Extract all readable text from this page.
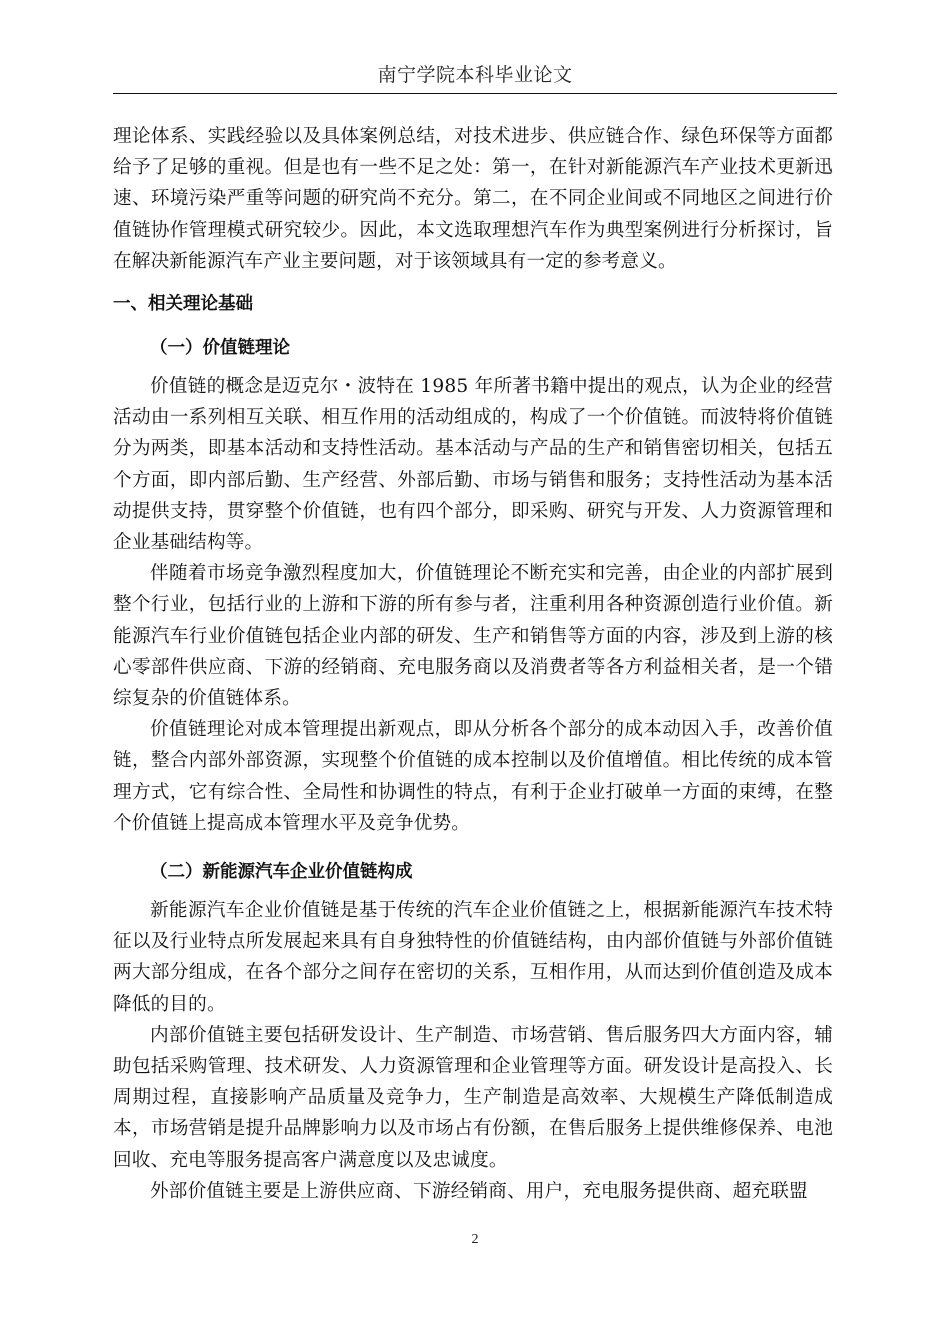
南宁学院本科毕业论文

理论体系、实践经验以及具体案例总结，对技术进步、供应链合作、绿色环保等方面都给予了足够的重视。但是也有一些不足之处：第一，在针对新能源汽车产业技术更新迅速、环境污染严重等问题的研究尚不充分。第二，在不同企业间或不同地区之间进行价值链协作管理模式研究较少。因此，本文选取理想汽车作为典型案例进行分析探讨，旨在解决新能源汽车产业主要问题，对于该领域具有一定的参考意义。

一、相关理论基础
（一）价值链理论

价值链的概念是迈克尔・波特在 1985 年所著书籍中提出的观点，认为企业的经营活动由一系列相互关联、相互作用的活动组成的，构成了一个价值链。而波特将价值链分为两类，即基本活动和支持性活动。基本活动与产品的生产和销售密切相关，包括五个方面，即内部后勤、生产经营、外部后勤、市场与销售和服务；支持性活动为基本活动提供支持，贯穿整个价值链，也有四个部分，即采购、研究与开发、人力资源管理和企业基础结构等。

伴随着市场竞争激烈程度加大，价值链理论不断充实和完善，由企业的内部扩展到整个行业，包括行业的上游和下游的所有参与者，注重利用各种资源创造行业价值。新能源汽车行业价值链包括企业内部的研发、生产和销售等方面的内容，涉及到上游的核心零部件供应商、下游的经销商、充电服务商以及消费者等各方利益相关者，是一个错综复杂的价值链体系。

价值链理论对成本管理提出新观点，即从分析各个部分的成本动因入手，改善价值链，整合内部外部资源，实现整个价值链的成本控制以及价值增值。相比传统的成本管理方式，它有综合性、全局性和协调性的特点，有利于企业打破单一方面的束缚，在整个价值链上提高成本管理水平及竞争优势。

（二）新能源汽车企业价值链构成

新能源汽车企业价值链是基于传统的汽车企业价值链之上，根据新能源汽车技术特征以及行业特点所发展起来具有自身独特性的价值链结构，由内部价值链与外部价值链两大部分组成，在各个部分之间存在密切的关系，互相作用，从而达到价值创造及成本降低的目的。

内部价值链主要包括研发设计、生产制造、市场营销、售后服务四大方面内容，辅助包括采购管理、技术研发、人力资源管理和企业管理等方面。研发设计是高投入、长周期过程，直接影响产品质量及竞争力，生产制造是高效率、大规模生产降低制造成本，市场营销是提升品牌影响力以及市场占有份额，在售后服务上提供维修保养、电池回收、充电等服务提高客户满意度以及忠诚度。

外部价值链主要是上游供应商、下游经销商、用户，充电服务提供商、超充联盟

2
